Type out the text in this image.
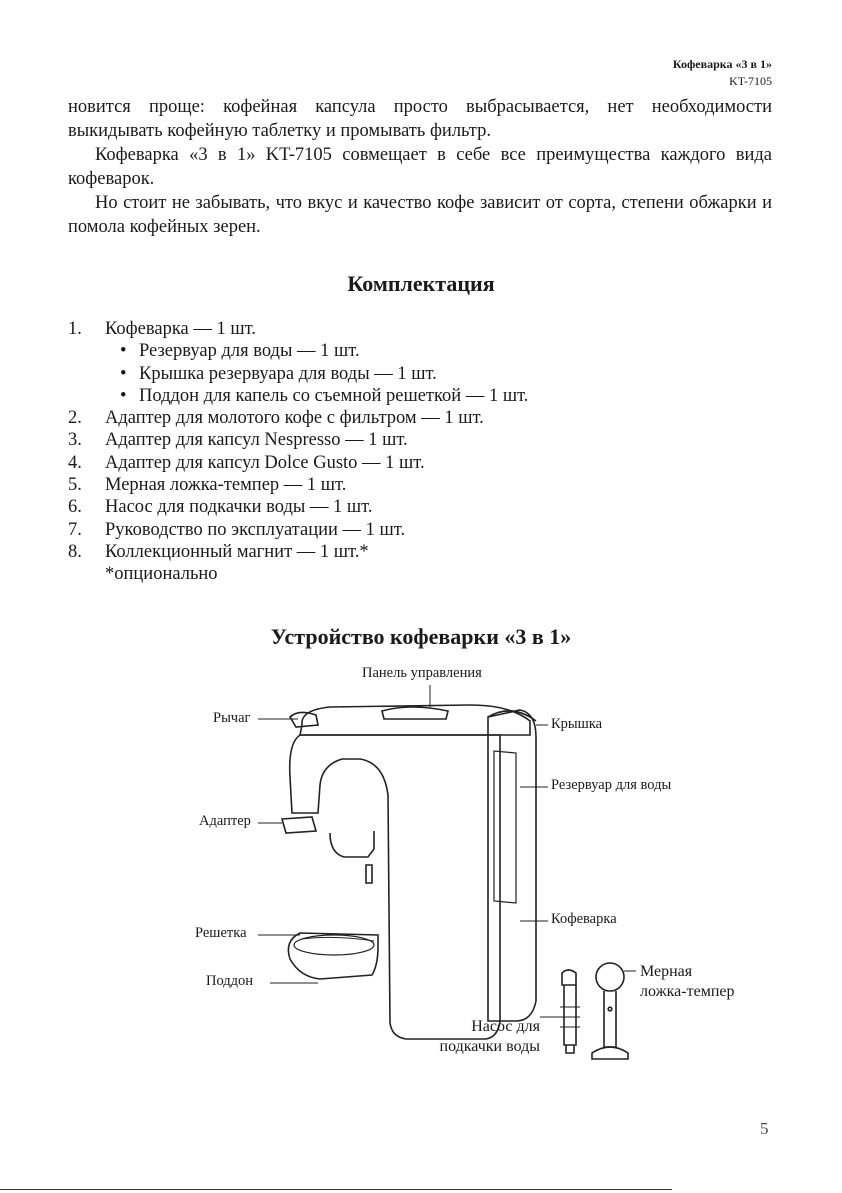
Кофеварка «3 в 1»
KT-7105

новится проще: кофейная капсула просто выбрасывается, нет необходимости выкидывать кофейную таблетку и промывать фильтр.

Кофеварка «3 в 1» KT-7105 совмещает в себе все преимущества каждого вида кофеварок.

Но стоит не забывать, что вкус и качество кофе зависит от сорта, степени обжарки и помола кофейных зерен.

Комплектация
1.	Кофеварка — 1 шт.
• Резервуар для воды — 1 шт.
• Крышка резервуара для воды — 1 шт.
• Поддон для капель со съемной решеткой — 1 шт.
2.	Адаптер для молотого кофе с фильтром — 1 шт.
3.	Адаптер для капсул Nespresso — 1 шт.
4.	Адаптер для капсул Dolce Gusto — 1 шт.
5.	Мерная ложка-темпер — 1 шт.
6.	Насос для подкачки воды — 1 шт.
7.	Руководство по эксплуатации — 1 шт.
8.	Коллекционный магнит — 1 шт.*
*опционально
Устройство кофеварки «3 в 1»
Панель управления
Рычаг	Крышка
Резервуар для воды
Адаптер
Кофеварка
Решетка
Поддон
Мерная
ложка-темпер
Насос для
подкачки воды
5
